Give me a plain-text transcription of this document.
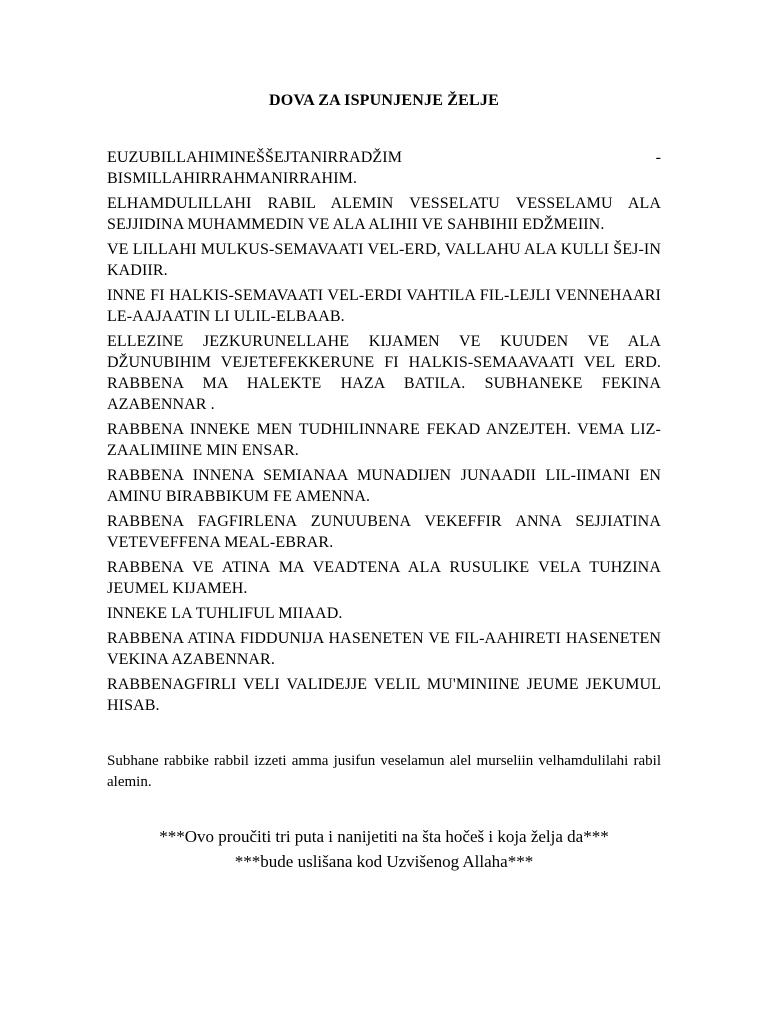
DOVA ZA ISPUNJENJE ŽELJE
EUZUBILLAHIMINEŠŠEJTANIRRADŽIM	-
BISMILLAHIRRAHMANIRRAHIM.

ELHAMDULILLAHI RABIL ALEMIN VESSELATU VESSELAMU ALA SEJJIDINA MUHAMMEDIN VE ALA ALIHII VE SAHBIHII EDŽMEIIN.

VE LILLAHI MULKUS-SEMAVAATI VEL-ERD, VALLAHU ALA KULLI ŠEJ-IN KADIIR.

INNE FI HALKIS-SEMAVAATI VEL-ERDI VAHTILA FIL-LEJLI VENNEHAARI LE-AAJAATIN LI ULIL-ELBAAB.

ELLEZINE JEZKURUNELLAHE KIJAMEN VE KUUDEN VE ALA DŽUNUBIHIM VEJETEFEKKERUNE FI HALKIS-SEMAAVAATI VEL ERD. RABBENA MA HALEKTE HAZA BATILA. SUBHANEKE FEKINA AZABENNAR .

RABBENA INNEKE MEN TUDHILINNARE FEKAD ANZEJTEH. VEMA LIZ-ZAALIMIINE MIN ENSAR.

RABBENA INNENA SEMIANAA MUNADIJEN JUNAADII LIL-IIMANI EN AMINU BIRABBIKUM FE AMENNA.

RABBENA FAGFIRLENA ZUNUUBENA VEKEFFIR ANNA SEJJIATINA VETEVEFFENA MEAL-EBRAR.

RABBENA VE ATINA MA VEADTENA ALA RUSULIKE VELA TUHZINA JEUMEL KIJAMEH.

INNEKE LA TUHLIFUL MIIAAD.

RABBENA ATINA FIDDUNIJA HASENETEN VE FIL-AAHIRETI HASENETEN VEKINA AZABENNAR.

RABBENAGFIRLI VELI VALIDEJJE VELIL MU'MINIINE JEUME JEKUMUL HISAB.

Subhane rabbike rabbil izzeti amma jusifun veselamun alel murseliin velhamdulilahi rabil alemin.
***Ovo proučiti tri puta i nanijetiti na šta hočeš i koja želja da***
***bude uslišana kod Uzvišenog Allaha***
